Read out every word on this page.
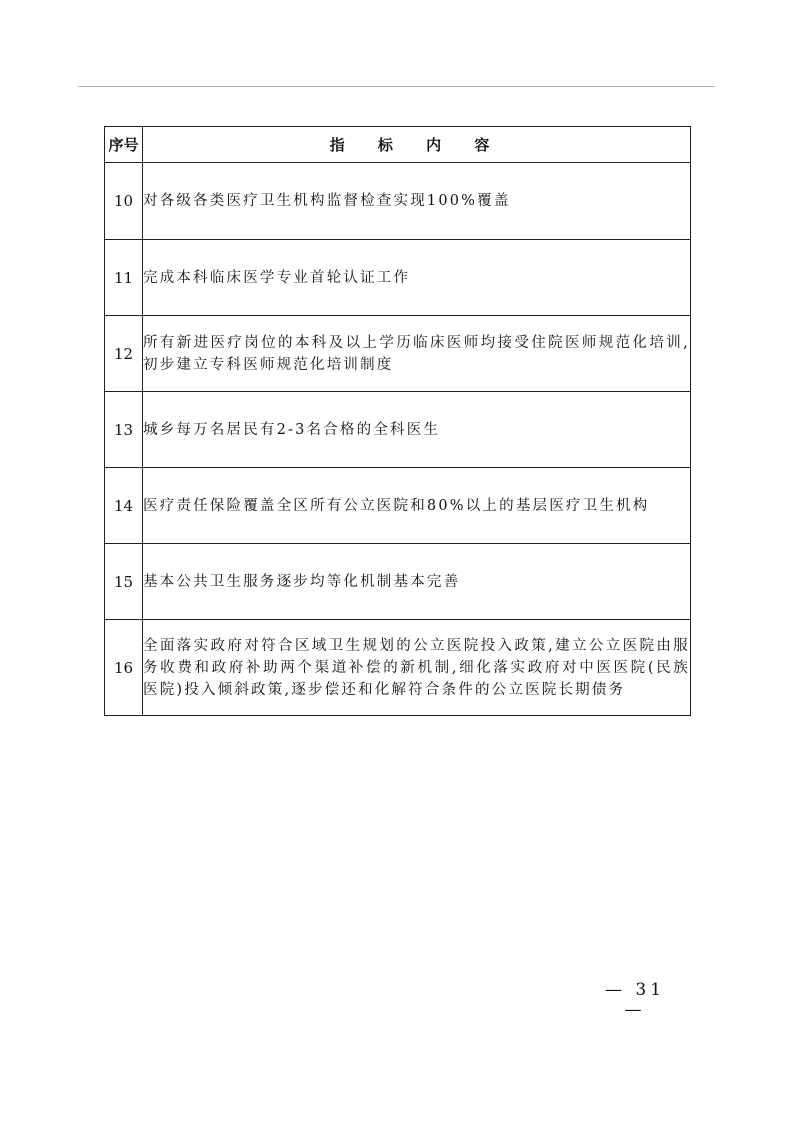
序号	指 标 内 容
10	对各级各类医疗卫生机构监督检查实现100%覆盖
11	完成本科临床医学专业首轮认证工作
12	所有新进医疗岗位的本科及以上学历临床医师均接受住院医师规范化培训,初步建立专科医师规范化培训制度
13	城乡每万名居民有2-3名合格的全科医生
14	医疗责任保险覆盖全区所有公立医院和80%以上的基层医疗卫生机构
15	基本公共卫生服务逐步均等化机制基本完善
16	全面落实政府对符合区域卫生规划的公立医院投入政策,建立公立医院由服务收费和政府补助两个渠道补偿的新机制,细化落实政府对中医医院(民族医院)投入倾斜政策,逐步偿还和化解符合条件的公立医院长期债务
— 31 —
